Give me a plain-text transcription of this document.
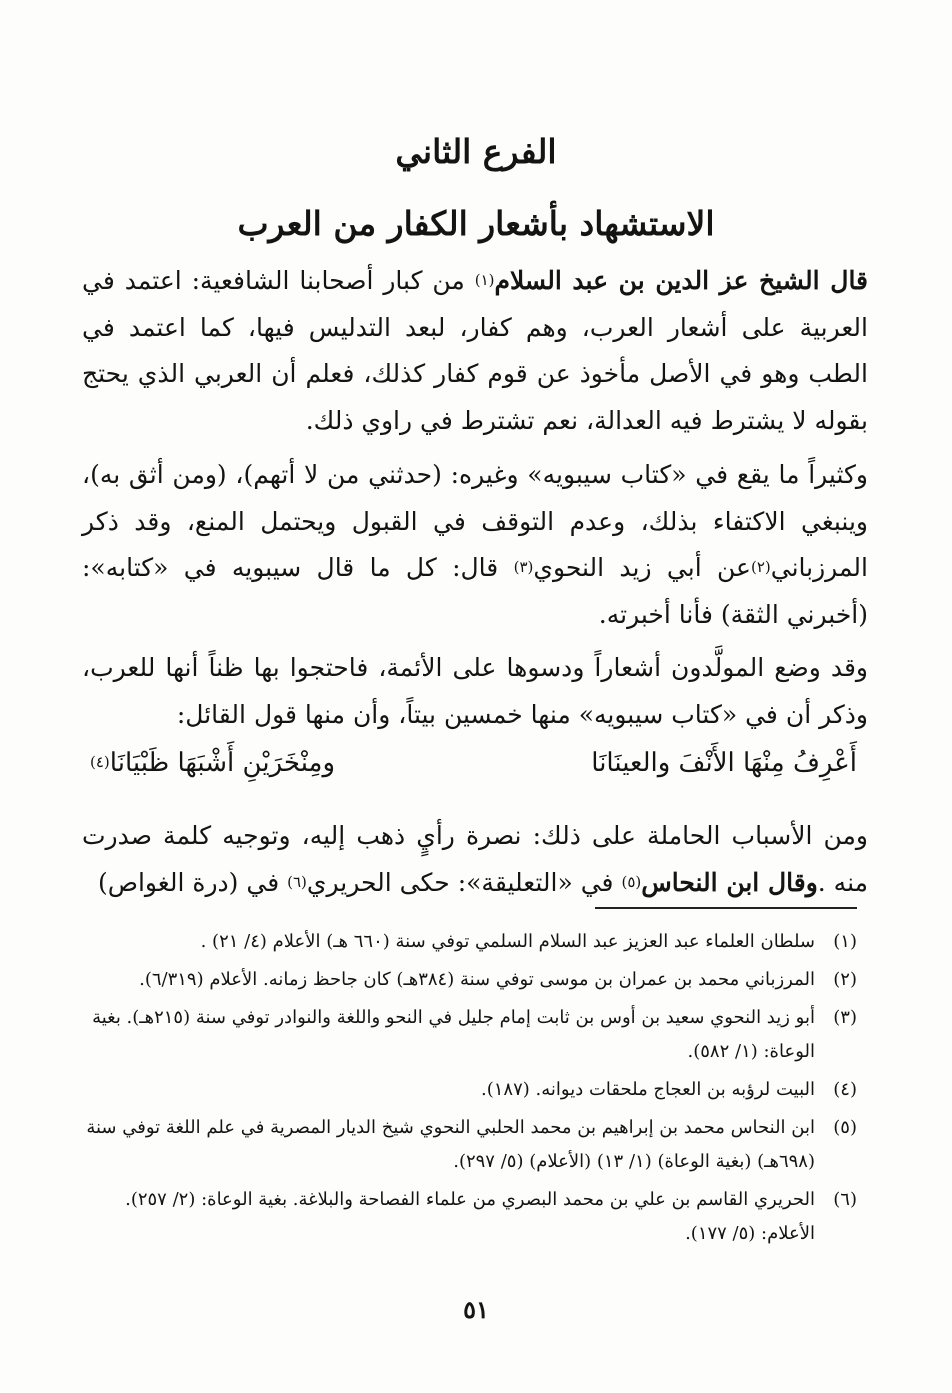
الفرع الثاني
الاستشهاد بأشعار الكفار من العرب

قال الشيخ عز الدين بن عبد السلام$^{(١)}$ من كبار أصحابنا الشافعية: اعتمد في العربية على أشعار العرب، وهم كفار، لبعد التدليس فيها، كما اعتمد في الطب وهو في الأصل مأخوذ عن قوم كفار كذلك، فعلم أن العربي الذي يحتج بقوله لا يشترط فيه العدالة، نعم تشترط في راوي ذلك.

وكثيراً ما يقع في «كتاب سيبويه» وغيره: (حدثني من لا أتهم)، (ومن أثق به)، وينبغي الاكتفاء بذلك، وعدم التوقف في القبول ويحتمل المنع، وقد ذكر المرزباني$^{(٢)}$عن أبي زيد النحوي$^{(٣)}$ قال: كل ما قال سيبويه في «كتابه»: (أخبرني الثقة) فأنا أخبرته.

وقد وضع المولَّدون أشعاراً ودسوها على الأئمة، فاحتجوا بها ظناً أنها للعرب، وذكر أن في «كتاب سيبويه» منها خمسين بيتاً، وأن منها قول القائل:

أَعْرِفُ مِنْهَا الأَنْفَ والعينَانَا
ومِنْخَرَيْنِ أَشْبَهَا ظَبْيَانَا$^{(٤)}$

ومن الأسباب الحاملة على ذلك: نصرة رأيٍ ذهب إليه، وتوجيه كلمة صدرت منه .وقال ابن النحاس$^{(٥)}$ في «التعليقة»: حكى الحريري$^{(٦)}$ في (درة الغواص)

(١)
سلطان العلماء عبد العزيز عبد السلام السلمي توفي سنة (٦٦٠ هـ) الأعلام (٤/ ٢١) .
(٢)
المرزباني محمد بن عمران بن موسى توفي سنة (٣٨٤هـ) كان جاحظ زمانه. الأعلام (٦/٣١٩).
(٣)
أبو زيد النحوي سعيد بن أوس بن ثابت إمام جليل في النحو واللغة والنوادر توفي سنة (٢١٥هـ). بغية الوعاة: (١/ ٥٨٢).
(٤)
البيت لرؤبه بن العجاج ملحقات ديوانه. (١٨٧).
(٥)
ابن النحاس محمد بن إبراهيم بن محمد الحلبي النحوي شيخ الديار المصرية في علم اللغة توفي سنة (٦٩٨هـ) (بغية الوعاة) (١/ ١٣) (الأعلام) (٥/ ٢٩٧).
(٦)
الحريري القاسم بن علي بن محمد البصري من علماء الفصاحة والبلاغة. بغية الوعاة: (٢/ ٢٥٧). الأعلام: (٥/ ١٧٧).

٥١
